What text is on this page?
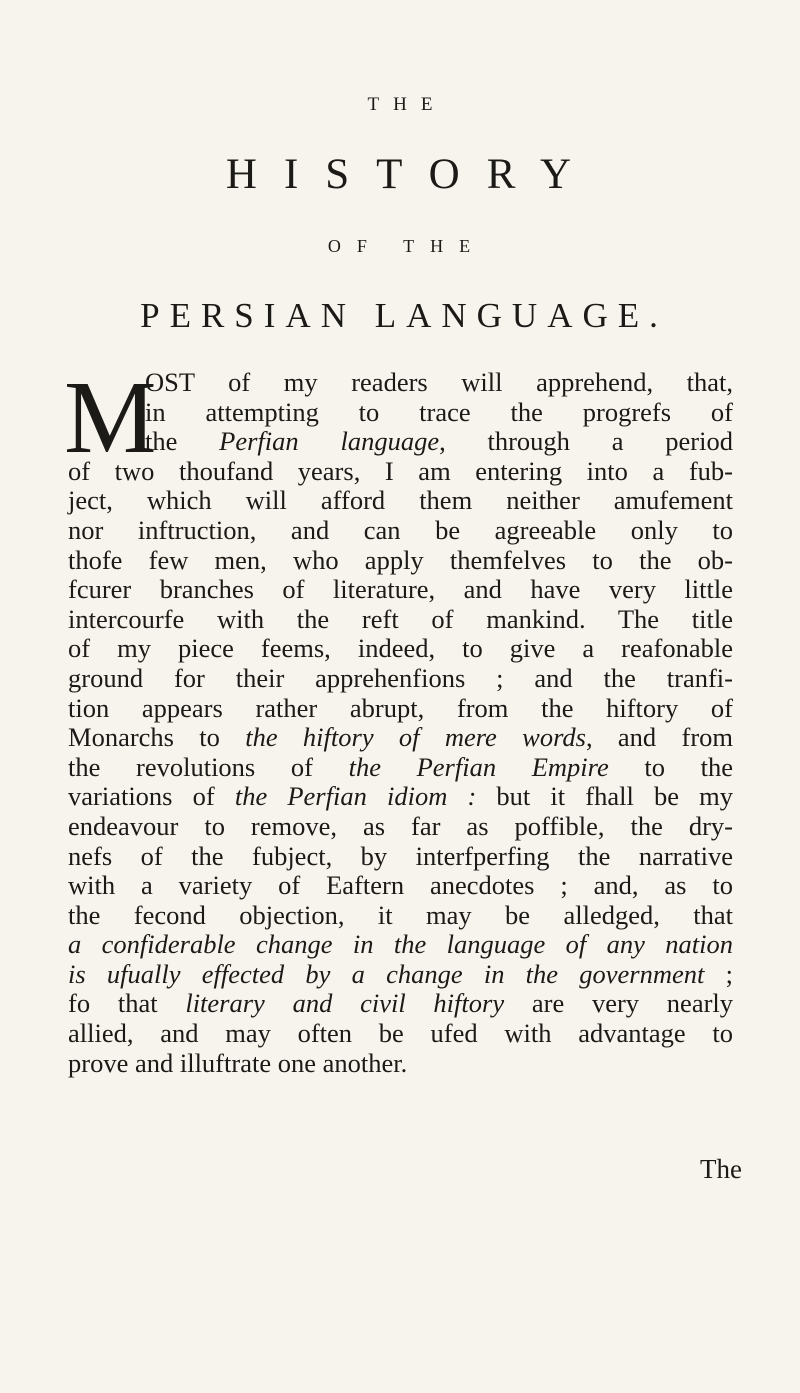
THE
HISTORY
OF THE
PERSIAN LANGUAGE.
M
OST of my readers will apprehend, that,
in attempting to trace the progrefs of
the Perfian language, through a period
of two thoufand years, I am entering into a fub-
ject, which will afford them neither amufement
nor inftruction, and can be agreeable only to
thofe few men, who apply themfelves to the ob-
fcurer branches of literature, and have very little
intercourfe with the reft of mankind. The title
of my piece feems, indeed, to give a reafonable
ground for their apprehenfions ; and the tranfi-
tion appears rather abrupt, from the hiftory of
Monarchs to the hiftory of mere words, and from
the revolutions of the Perfian Empire to the
variations of the Perfian idiom : but it fhall be my
endeavour to remove, as far as poffible, the dry-
nefs of the fubject, by interfperfing the narrative
with a variety of Eaftern anecdotes ; and, as to
the fecond objection, it may be alledged, that
a confiderable change in the language of any nation
is ufually effected by a change in the government ;
fo that literary and civil hiftory are very nearly
allied, and may often be ufed with advantage to
prove and illuftrate one another.
The
